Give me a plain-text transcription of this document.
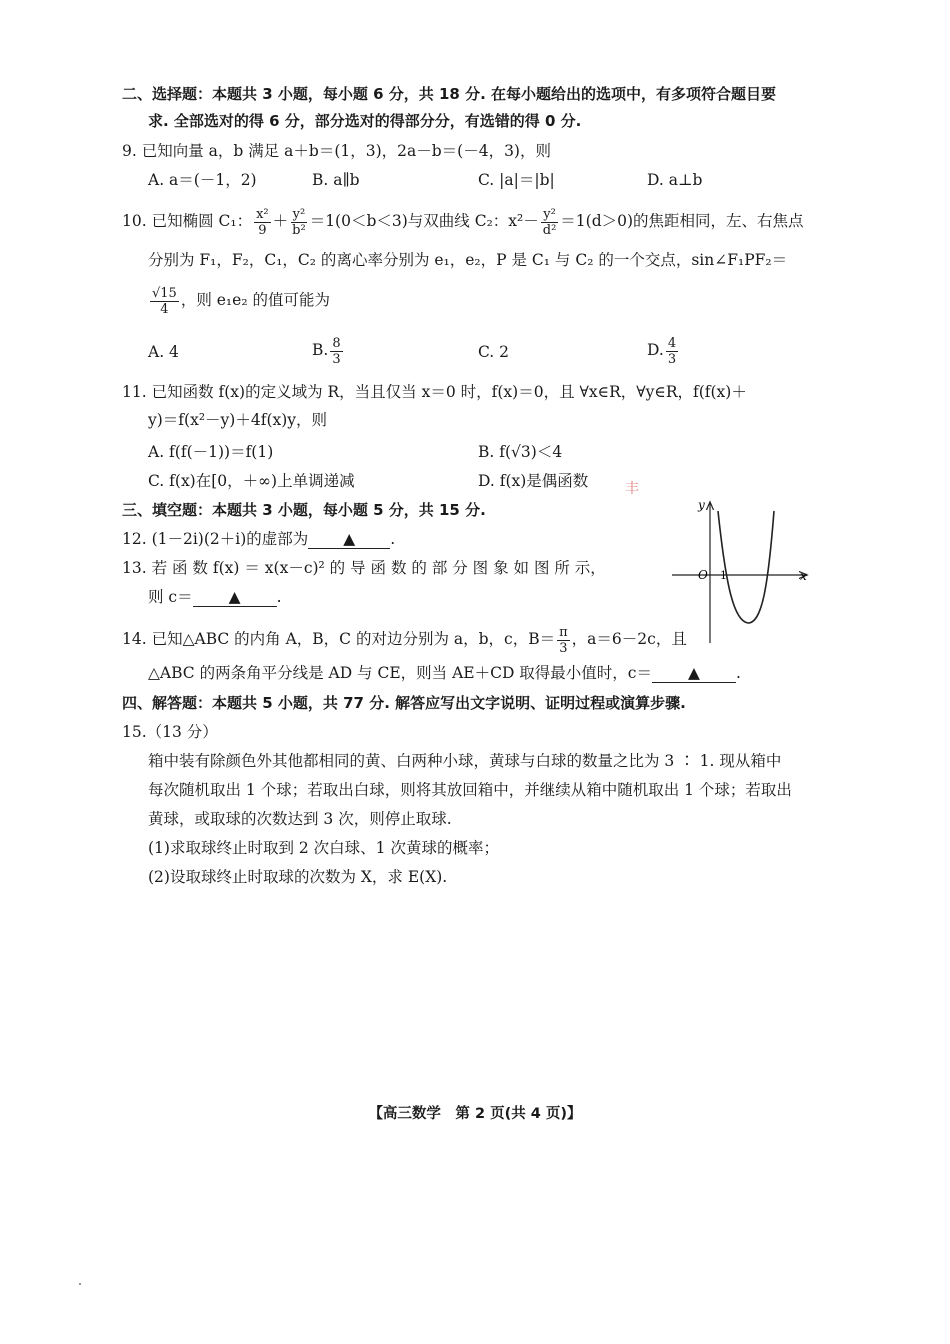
二、选择题：本题共 3 小题，每小题 6 分，共 18 分. 在每小题给出的选项中，有多项符合题目要
求. 全部选对的得 6 分，部分选对的得部分分，有选错的得 0 分.
9. 已知向量 a，b 满足 a＋b＝(1，3)，2a－b＝(－4，3)，则
A. a＝(－1，2)	B. a∥b	C. |a|＝|b|	D. a⊥b
10. 已知椭圆 C₁： $\frac{\text{x²}}{9} + \frac{\text{y²}}{\text{b²}} =1(0<b<3)$与双曲线 C₂：$x^2- \frac{\text{y²}}{\text{d²}} =1(d>0)$的焦距相同，左、右焦点
分别为 F₁，F₂，C₁，C₂ 的离心率分别为 e₁，e₂，P 是 C₁ 与 C₂ 的一个交点，sin∠F₁PF₂＝
$\frac{√15}{4}$ ，则 e₁e₂ 的值可能为
A. 4	B. $\frac{8}{3}$	C. 2	D. $\frac{4}{3}$
11. 已知函数 f(x)的定义域为 R，当且仅当 x＝0 时，f(x)＝0，且 ∀x∈R，∀y∈R，f(f(x)＋
y)＝f(x²－y)＋4f(x)y，则
A. f(f(－1))＝f(1)	B. f(√3)＜4
C. f(x)在[0，＋∞)上单调递减	D. f(x)是偶函数	丰
三、填空题：本题共 3 小题，每小题 5 分，共 15 分.
12. (1－2i)(2＋i)的虚部为 ▲ .
13. 若 函 数 f(x) ＝ x(x－c)² 的 导 函 数 的 部 分 图 象 如 图 所 示，
则 c＝ ▲ .
y
x
O 1
14. 已知△ABC 的内角 A，B，C 的对边分别为 a，b，c，$B= \frac{\pi}{3}$ ，a＝6－2c，且
△ABC 的两条角平分线是 AD 与 CE，则当 AE＋CD 取得最小值时，c＝ ▲ .
四、解答题：本题共 5 小题，共 77 分. 解答应写出文字说明、证明过程或演算步骤.
15.（13 分）
箱中装有除颜色外其他都相同的黄、白两种小球，黄球与白球的数量之比为 3 ∶ 1. 现从箱中
每次随机取出 1 个球；若取出白球，则将其放回箱中，并继续从箱中随机取出 1 个球；若取出
黄球，或取球的次数达到 3 次，则停止取球.
(1)求取球终止时取到 2 次白球、1 次黄球的概率；
(2)设取球终止时取球的次数为 X，求 E(X).
【高三数学　第 2 页(共 4 页)】
